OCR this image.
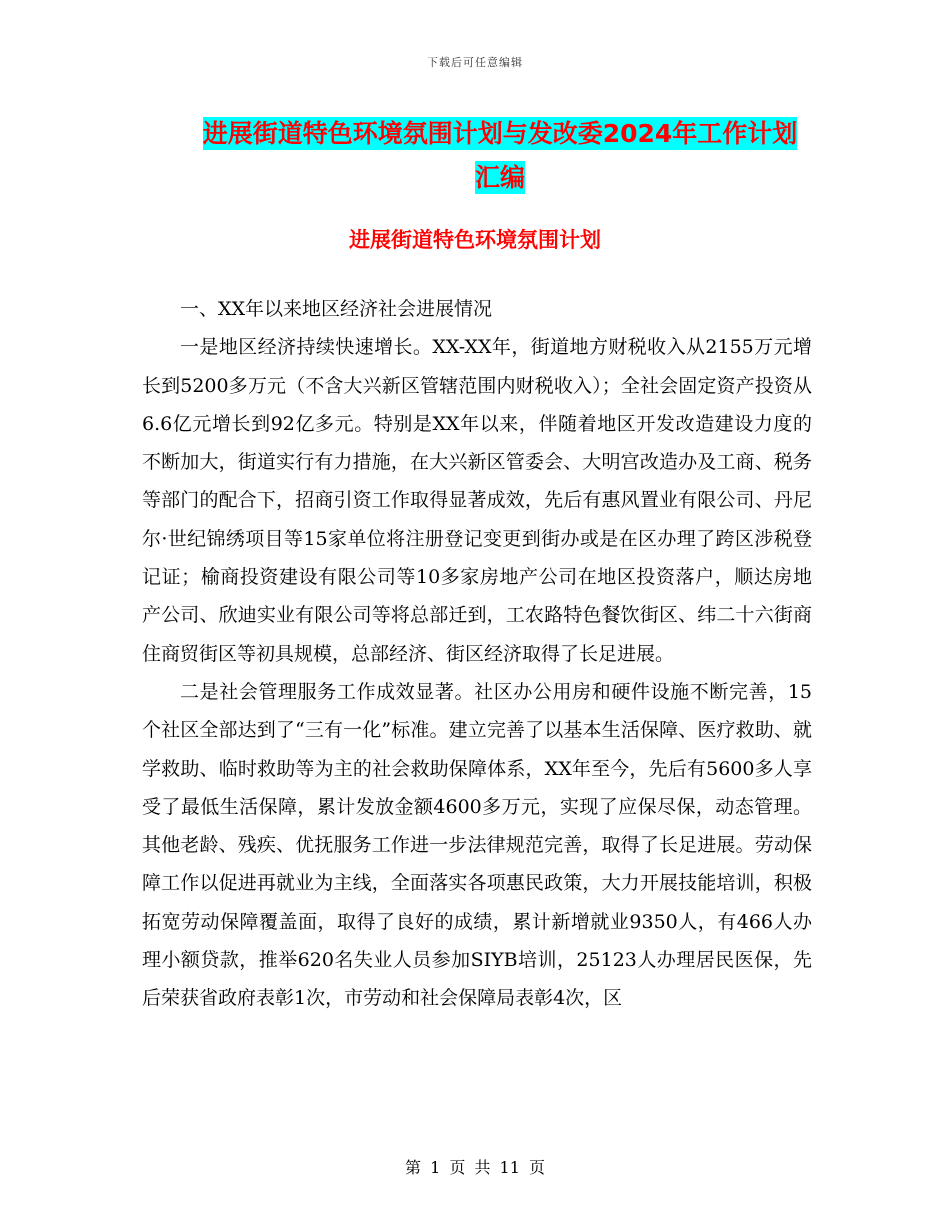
下载后可任意编辑
进展街道特色环境氛围计划与发改委2024年工作计划
汇编
进展街道特色环境氛围计划

一、XX年以来地区经济社会进展情况

一是地区经济持续快速增长。XX-XX年，街道地方财税收入从2155万元增长到5200多万元（不含大兴新区管辖范围内财税收入）；全社会固定资产投资从6.6亿元增长到92亿多元。特别是XX年以来，伴随着地区开发改造建设力度的不断加大，街道实行有力措施，在大兴新区管委会、大明宫改造办及工商、税务等部门的配合下，招商引资工作取得显著成效，先后有惠风置业有限公司、丹尼尔·世纪锦绣项目等15家单位将注册登记变更到街办或是在区办理了跨区涉税登记证；榆商投资建设有限公司等10多家房地产公司在地区投资落户，顺达房地产公司、欣迪实业有限公司等将总部迁到，工农路特色餐饮街区、纬二十六街商住商贸街区等初具规模，总部经济、街区经济取得了长足进展。

二是社会管理服务工作成效显著。社区办公用房和硬件设施不断完善，15个社区全部达到了“三有一化”标准。建立完善了以基本生活保障、医疗救助、就学救助、临时救助等为主的社会救助保障体系，XX年至今，先后有5600多人享受了最低生活保障，累计发放金额4600多万元，实现了应保尽保，动态管理。其他老龄、残疾、优抚服务工作进一步法律规范完善，取得了长足进展。劳动保障工作以促进再就业为主线，全面落实各项惠民政策，大力开展技能培训，积极拓宽劳动保障覆盖面，取得了良好的成绩，累计新增就业9350人，有466人办理小额贷款，推举620名失业人员参加SIYB培训，25123人办理居民医保，先后荣获省政府表彰1次，市劳动和社会保障局表彰4次，区

第 1 页 共 11 页
